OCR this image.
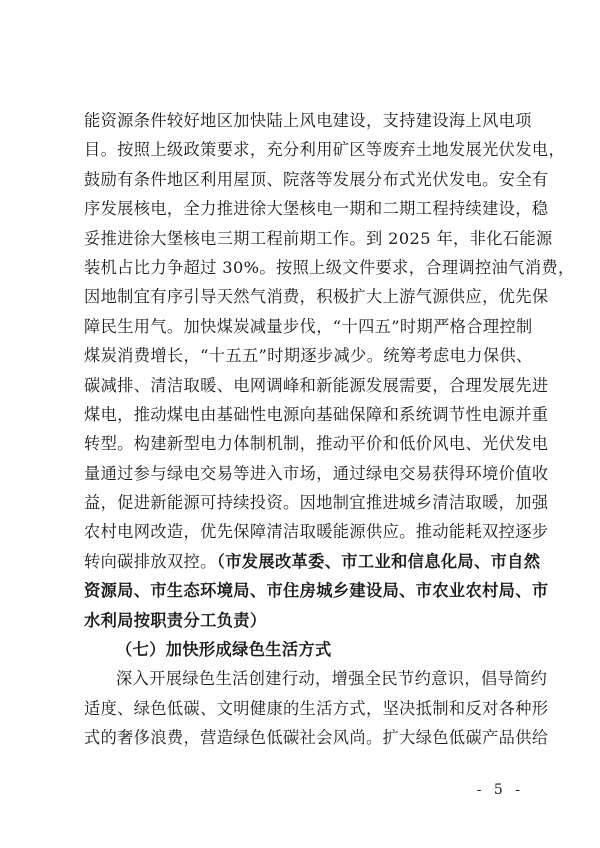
能资源条件较好地区加快陆上风电建设，支持建设海上风电项
目。按照上级政策要求，充分利用矿区等废弃土地发展光伏发电，
鼓励有条件地区利用屋顶、院落等发展分布式光伏发电。安全有
序发展核电，全力推进徐大堡核电一期和二期工程持续建设，稳
妥推进徐大堡核电三期工程前期工作。到 2025 年，非化石能源
装机占比力争超过 30%。按照上级文件要求，合理调控油气消费，
因地制宜有序引导天然气消费，积极扩大上游气源供应，优先保
障民生用气。加快煤炭减量步伐，“十四五”时期严格合理控制
煤炭消费增长，“十五五”时期逐步减少。统筹考虑电力保供、
碳减排、清洁取暖、电网调峰和新能源发展需要，合理发展先进
煤电，推动煤电由基础性电源向基础保障和系统调节性电源并重
转型。构建新型电力体制机制，推动平价和低价风电、光伏发电
量通过参与绿电交易等进入市场，通过绿电交易获得环境价值收
益，促进新能源可持续投资。因地制宜推进城乡清洁取暖，加强
农村电网改造，优先保障清洁取暖能源供应。推动能耗双控逐步
转向碳排放双控。（市发展改革委、市工业和信息化局、市自然
资源局、市生态环境局、市住房城乡建设局、市农业农村局、市
水利局按职责分工负责）
（七）加快形成绿色生活方式
深入开展绿色生活创建行动，增强全民节约意识，倡导简约
适度、绿色低碳、文明健康的生活方式，坚决抵制和反对各种形
式的奢侈浪费，营造绿色低碳社会风尚。扩大绿色低碳产品供给
- 5 -
